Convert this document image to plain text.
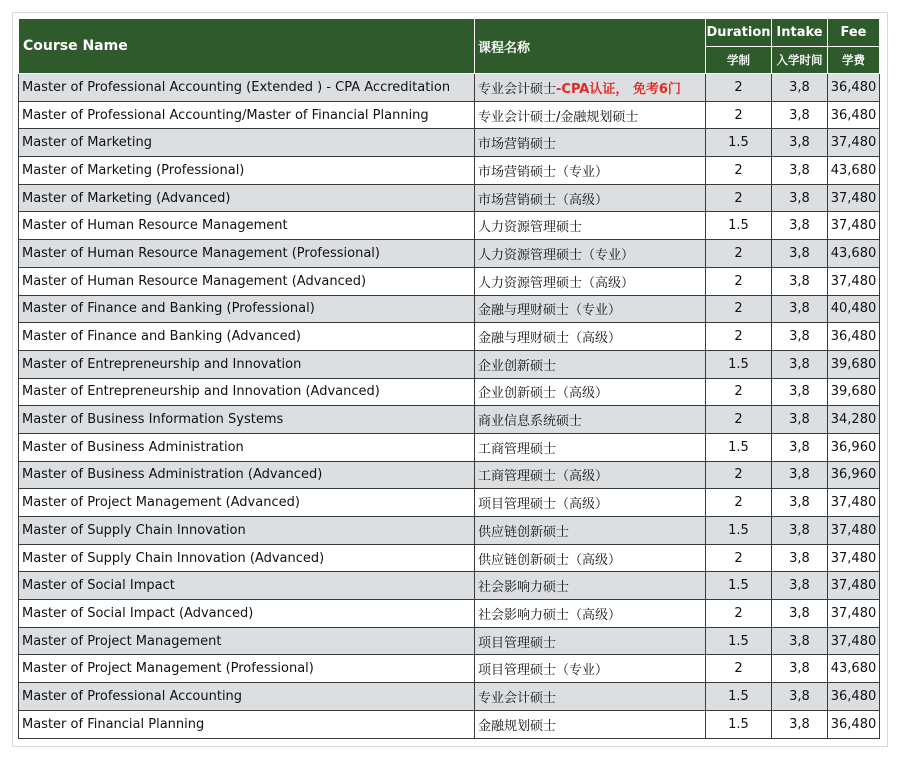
Course Name	课程名称	Duration	Intake	Fee
		学制	入学时间	学费
Master of Professional Accounting (Extended ) - CPA Accreditation	专业会计硕士-CPA认证， 免考6门	2	3,8	36,480
Master of Professional Accounting/Master of Financial Planning	专业会计硕士/金融规划硕士	2	3,8	36,480
Master of Marketing	市场营销硕士	1.5	3,8	37,480
Master of Marketing (Professional)	市场营销硕士（专业）	2	3,8	43,680
Master of Marketing (Advanced)	市场营销硕士（高级）	2	3,8	37,480
Master of Human Resource Management	人力资源管理硕士	1.5	3,8	37,480
Master of Human Resource Management (Professional)	人力资源管理硕士（专业）	2	3,8	43,680
Master of Human Resource Management (Advanced)	人力资源管理硕士（高级）	2	3,8	37,480
Master of Finance and Banking (Professional)	金融与理财硕士（专业）	2	3,8	40,480
Master of Finance and Banking (Advanced)	金融与理财硕士（高级）	2	3,8	36,480
Master of Entrepreneurship and Innovation	企业创新硕士	1.5	3,8	39,680
Master of Entrepreneurship and Innovation (Advanced)	企业创新硕士（高级）	2	3,8	39,680
Master of Business Information Systems	商业信息系统硕士	2	3,8	34,280
Master of Business Administration	工商管理硕士	1.5	3,8	36,960
Master of Business Administration (Advanced)	工商管理硕士（高级）	2	3,8	36,960
Master of Project Management (Advanced)	项目管理硕士（高级）	2	3,8	37,480
Master of Supply Chain Innovation	供应链创新硕士	1.5	3,8	37,480
Master of Supply Chain Innovation (Advanced)	供应链创新硕士（高级）	2	3,8	37,480
Master of Social Impact	社会影响力硕士	1.5	3,8	37,480
Master of Social Impact (Advanced)	社会影响力硕士（高级）	2	3,8	37,480
Master of Project Management	项目管理硕士	1.5	3,8	37,480
Master of Project Management (Professional)	项目管理硕士（专业）	2	3,8	43,680
Master of Professional Accounting	专业会计硕士	1.5	3,8	36,480
Master of Financial Planning	金融规划硕士	1.5	3,8	36,480
